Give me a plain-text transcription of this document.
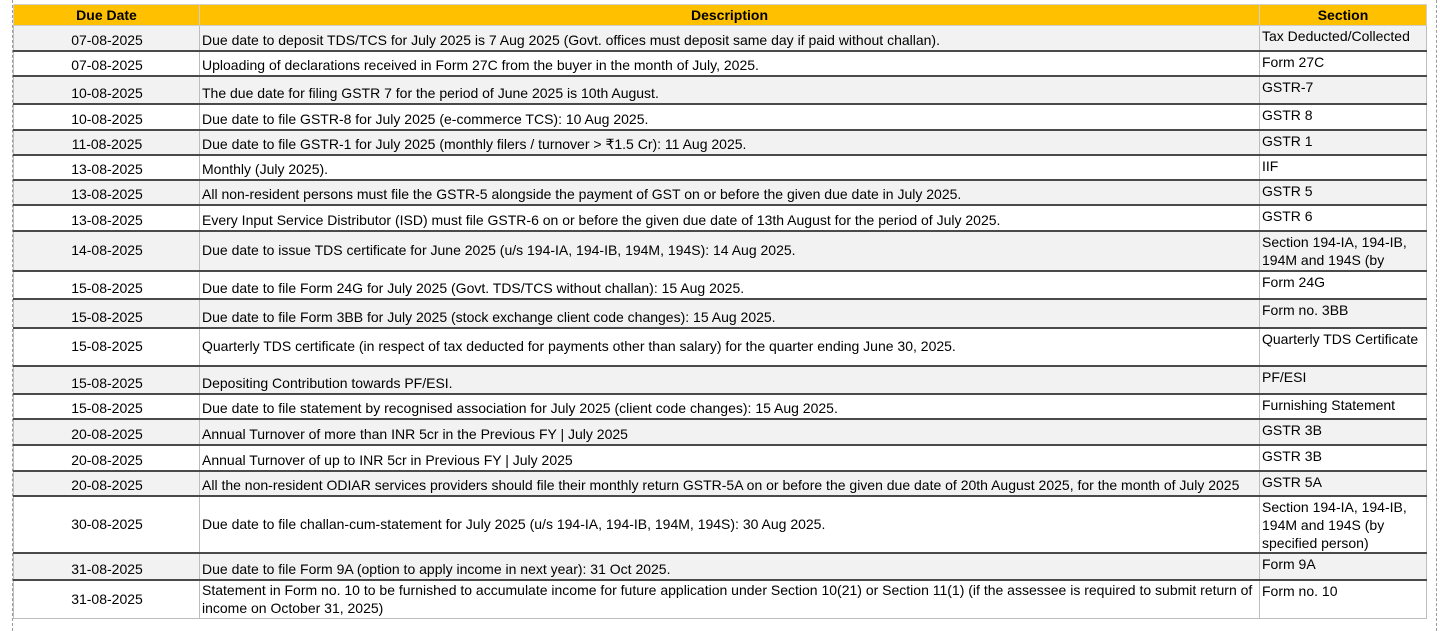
Due Date	Description	Section
07-08-2025	Due date to deposit TDS/TCS for July 2025 is 7 Aug 2025 (Govt. offices must deposit same day if paid without challan).	Tax Deducted/Collected
07-08-2025	Uploading of declarations received in Form 27C from the buyer in the month of July, 2025.	Form 27C
10-08-2025	The due date for filing GSTR 7 for the period of June 2025 is 10th August.	GSTR-7
10-08-2025	Due date to file GSTR-8 for July 2025 (e-commerce TCS): 10 Aug 2025.	GSTR 8
11-08-2025	Due date to file GSTR-1 for July 2025 (monthly filers / turnover > ₹1.5 Cr): 11 Aug 2025.	GSTR 1
13-08-2025	Monthly (July 2025).	IIF
13-08-2025	All non-resident persons must file the GSTR-5 alongside the payment of GST on or before the given due date in July 2025.	GSTR 5
13-08-2025	Every Input Service Distributor (ISD) must file GSTR-6 on or before the given due date of 13th August for the period of July 2025.	GSTR 6
14-08-2025	Due date to issue TDS certificate for June 2025 (u/s 194-IA, 194-IB, 194M, 194S): 14 Aug 2025.	Section 194-IA, 194-IB, 194M and 194S (by
15-08-2025	Due date to file Form 24G for July 2025 (Govt. TDS/TCS without challan): 15 Aug 2025.	Form 24G
15-08-2025	Due date to file Form 3BB for July 2025 (stock exchange client code changes): 15 Aug 2025.	Form no. 3BB
15-08-2025	Quarterly TDS certificate (in respect of tax deducted for payments other than salary) for the quarter ending June 30, 2025.	Quarterly TDS Certificate
15-08-2025	Depositing Contribution towards PF/ESI.	PF/ESI
15-08-2025	Due date to file statement by recognised association for July 2025 (client code changes): 15 Aug 2025.	Furnishing Statement
20-08-2025	Annual Turnover of more than INR 5cr in the Previous FY | July 2025	GSTR 3B
20-08-2025	Annual Turnover of up to INR 5cr in Previous FY | July 2025	GSTR 3B
20-08-2025	All the non-resident ODIAR services providers should file their monthly return GSTR-5A on or before the given due date of 20th August 2025, for the month of July 2025	GSTR 5A
30-08-2025	Due date to file challan-cum-statement for July 2025 (u/s 194-IA, 194-IB, 194M, 194S): 30 Aug 2025.	Section 194-IA, 194-IB, 194M and 194S (by specified person)
31-08-2025	Due date to file Form 9A (option to apply income in next year): 31 Oct 2025.	Form 9A
31-08-2025	Statement in Form no. 10 to be furnished to accumulate income for future application under Section 10(21) or Section 11(1) (if the assessee is required to submit return of income on October 31, 2025)	Form no. 10
